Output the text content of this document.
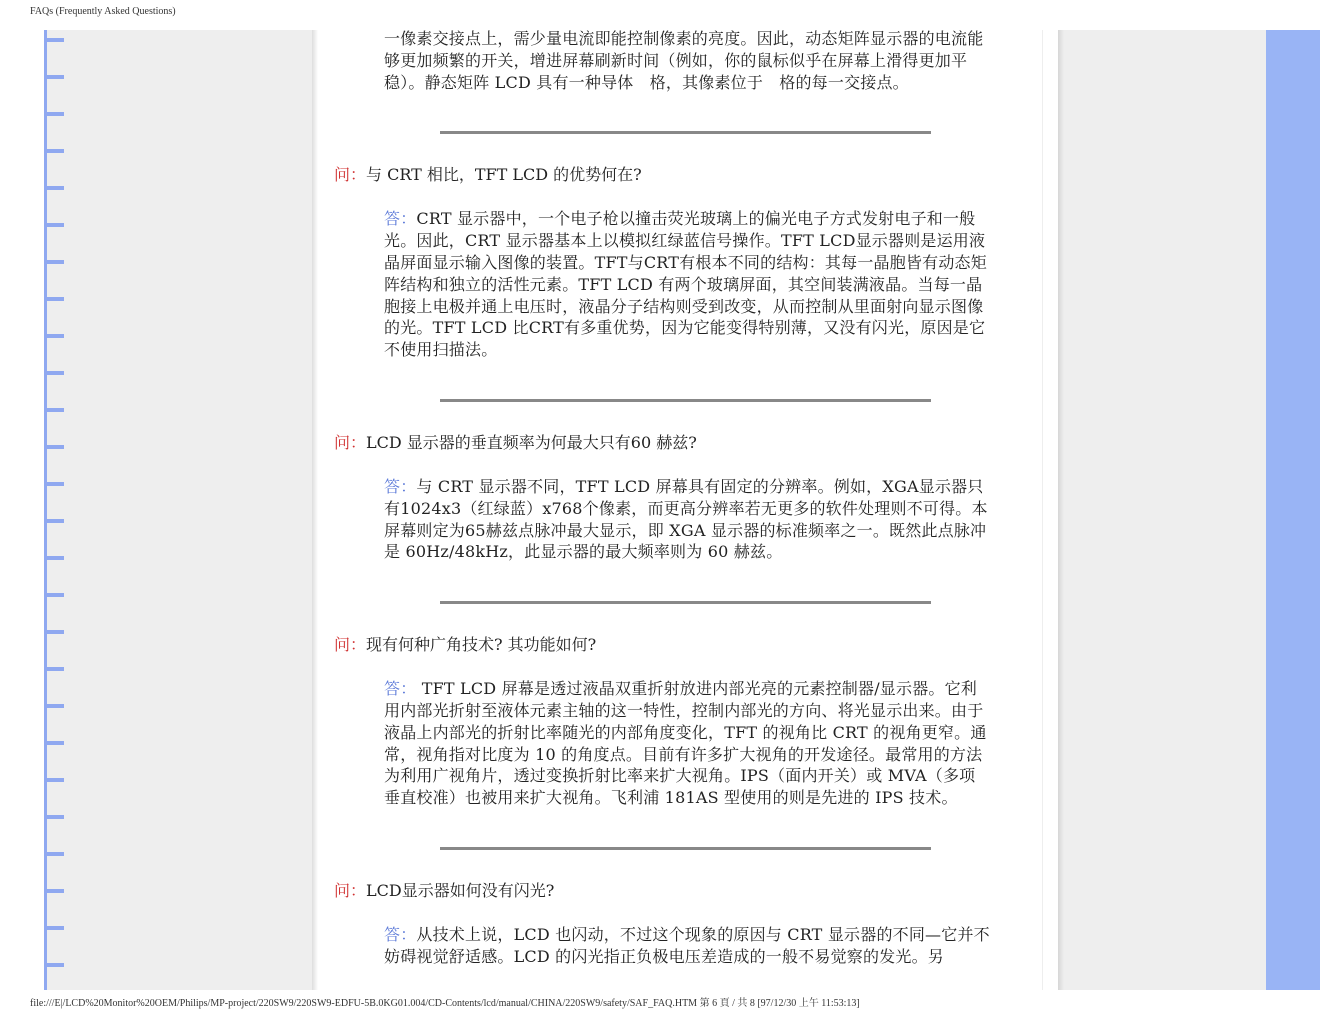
FAQs (Frequently Asked Questions)

一像素交接点上，需少量电流即能控制像素的亮度。因此，动态矩阵显示器的电流能够更加频繁的开关，增进屏幕刷新时间（例如，你的鼠标似乎在屏幕上滑得更加平稳）。静态矩阵 LCD 具有一种导体　格，其像素位于　格的每一交接点。

问：与 CRT 相比，TFT LCD 的优势何在?

答：CRT 显示器中，一个电子枪以撞击荧光玻璃上的偏光电子方式发射电子和一般
光。因此，CRT 显示器基本上以模拟红绿蓝信号操作。TFT LCD显示器则是运用液晶屏面显示输入图像的装置。TFT与CRT有根本不同的结构：其每一晶胞皆有动态矩阵结构和独立的活性元素。TFT LCD 有两个玻璃屏面，其空间装满液晶。当每一晶胞接上电极并通上电压时，液晶分子结构则受到改变，从而控制从里面射向显示图像的光。TFT LCD 比CRT有多重优势，因为它能变得特别薄，又没有闪光，原因是它不使用扫描法。

问：LCD 显示器的垂直频率为何最大只有60 赫兹?

答：与 CRT 显示器不同，TFT LCD 屏幕具有固定的分辨率。例如，XGA显示器只有1024x3（红绿蓝）x768个像素，而更高分辨率若无更多的软件处理则不可得。本屏幕则定为65赫兹点脉冲最大显示，即 XGA 显示器的标准频率之一。既然此点脉冲是 60Hz/48kHz，此显示器的最大频率则为 60 赫兹。

问：现有何种广角技术? 其功能如何?

答： TFT LCD 屏幕是透过液晶双重折射放进内部光亮的元素控制器/显示器。它利用内部光折射至液体元素主轴的这一特性，控制内部光的方向、将光显示出来。由于液晶上内部光的折射比率随光的内部角度变化，TFT 的视角比 CRT 的视角更窄。通常，视角指对比度为 10 的角度点。目前有许多扩大视角的开发途径。最常用的方法为利用广视角片，透过变换折射比率来扩大视角。IPS（面内开关）或 MVA（多项垂直校准）也被用来扩大视角。飞利浦 181AS 型使用的则是先进的 IPS 技术。

问：LCD显示器如何没有闪光?

答：从技术上说，LCD 也闪动，不过这个现象的原因与 CRT 显示器的不同—它并不妨碍视觉舒适感。LCD 的闪光指正负极电压差造成的一般不易觉察的发光。另

file:///E|/LCD%20Monitor%20OEM/Philips/MP-project/220SW9/220SW9-EDFU-5B.0KG01.004/CD-Contents/lcd/manual/CHINA/220SW9/safety/SAF_FAQ.HTM 第 6 頁 / 共 8 [97/12/30 上午 11:53:13]
